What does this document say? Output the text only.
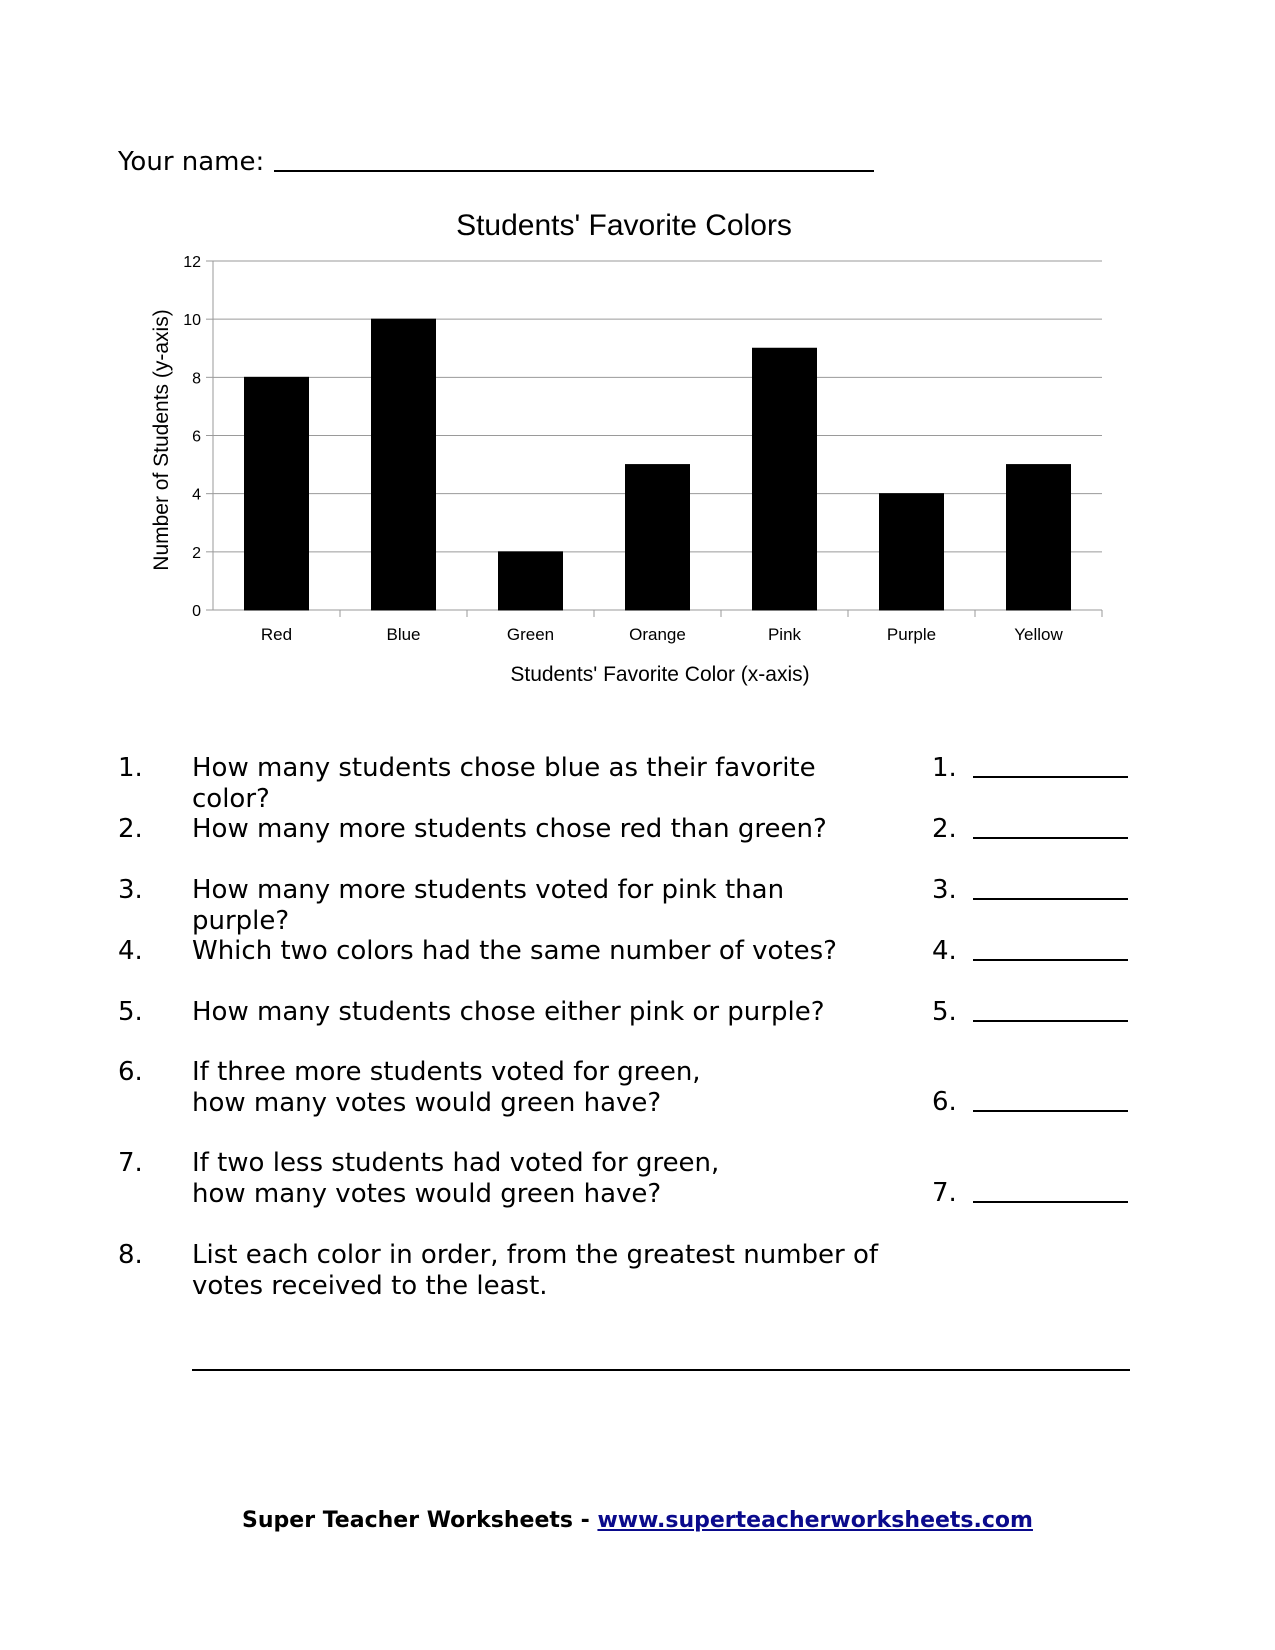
Your name:
Students' Favorite Colors
0
2
4
6
8
10
12
Red	Blue	Green	Orange	Pink	Purple	Yellow
Students' Favorite Color (x-axis)
Number of Students (y-axis)
1. How many students chose blue as their favorite color?
1.
2. How many more students chose red than green?	2.
3. How many more students voted for pink than purple?
3.
4. Which two colors had the same number of votes?	4.
5. How many students chose either pink or purple?	5.
6. If three more students voted for green, how many votes would green have?	6.
7. If two less students had voted for green, how many votes would green have?	7.
8. List each color in order, from the greatest number of votes received to the least.
Super Teacher Worksheets - www.superteacherworksheets.com
